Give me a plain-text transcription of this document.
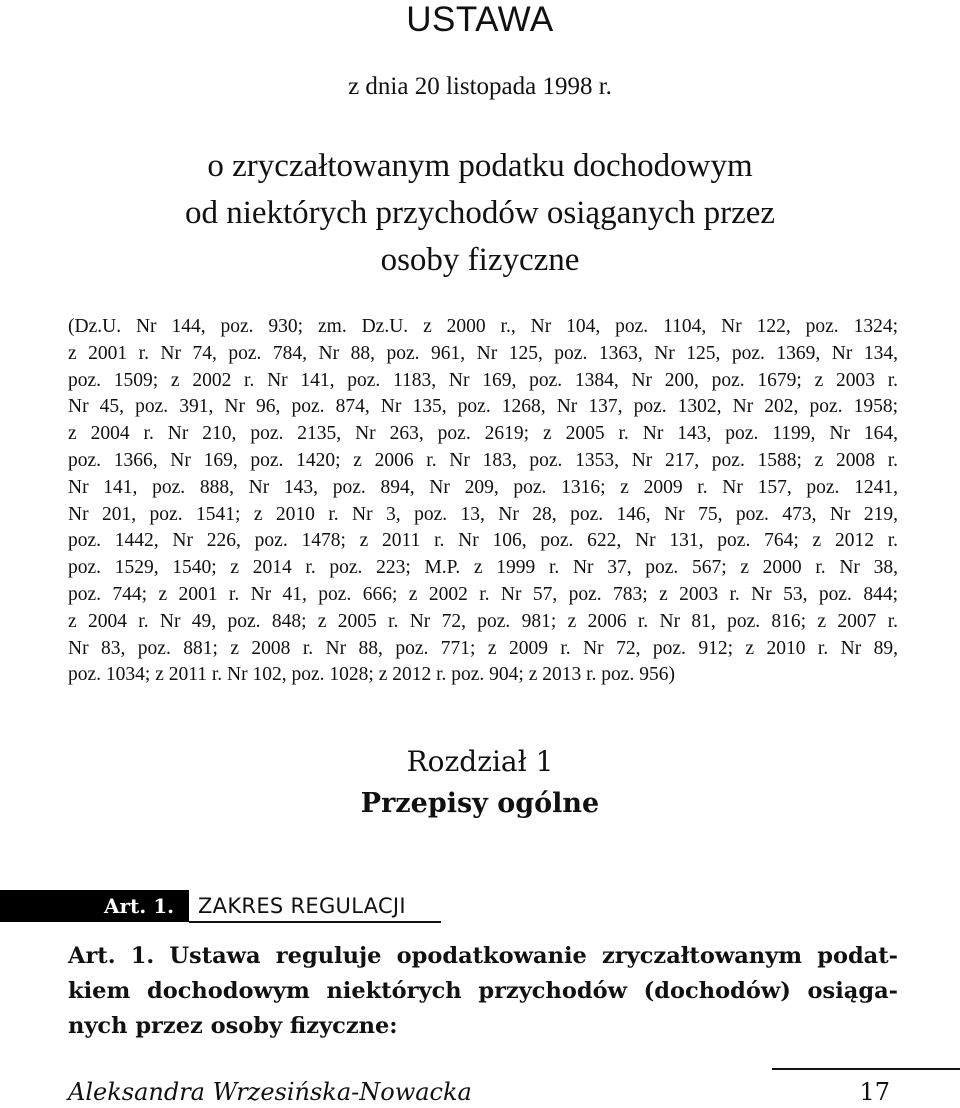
USTAWA
z dnia 20 listopada 1998 r.
o zryczałtowanym podatku dochodowym
od niektórych przychodów osiąganych przez
osoby fizyczne
(Dz.U. Nr 144, poz. 930; zm. Dz.U. z 2000 r., Nr 104, poz. 1104, Nr 122, poz. 1324;
z 2001 r. Nr 74, poz. 784, Nr 88, poz. 961, Nr 125, poz. 1363, Nr 125, poz. 1369, Nr 134,
poz. 1509; z 2002 r. Nr 141, poz. 1183, Nr 169, poz. 1384, Nr 200, poz. 1679; z 2003 r.
Nr 45, poz. 391, Nr 96, poz. 874, Nr 135, poz. 1268, Nr 137, poz. 1302, Nr 202, poz. 1958;
z 2004 r. Nr 210, poz. 2135, Nr 263, poz. 2619; z 2005 r. Nr 143, poz. 1199, Nr 164,
poz. 1366, Nr 169, poz. 1420; z 2006 r. Nr 183, poz. 1353, Nr 217, poz. 1588; z 2008 r.
Nr 141, poz. 888, Nr 143, poz. 894, Nr 209, poz. 1316; z 2009 r. Nr 157, poz. 1241,
Nr 201, poz. 1541; z 2010 r. Nr 3, poz. 13, Nr 28, poz. 146, Nr 75, poz. 473, Nr 219,
poz. 1442, Nr 226, poz. 1478; z 2011 r. Nr 106, poz. 622, Nr 131, poz. 764; z 2012 r.
poz. 1529, 1540; z 2014 r. poz. 223; M.P. z 1999 r. Nr 37, poz. 567; z 2000 r. Nr 38,
poz. 744; z 2001 r. Nr 41, poz. 666; z 2002 r. Nr 57, poz. 783; z 2003 r. Nr 53, poz. 844;
z 2004 r. Nr 49, poz. 848; z 2005 r. Nr 72, poz. 981; z 2006 r. Nr 81, poz. 816; z 2007 r.
Nr 83, poz. 881; z 2008 r. Nr 88, poz. 771; z 2009 r. Nr 72, poz. 912; z 2010 r. Nr 89,
poz. 1034; z 2011 r. Nr 102, poz. 1028; z 2012 r. poz. 904; z 2013 r. poz. 956)
Rozdział 1
Przepisy ogólne
Art. 1. ZAKRES REGULACJI
Art. 1. Ustawa reguluje opodatkowanie zryczałtowanym podat-
kiem dochodowym niektórych przychodów (dochodów) osiąga-
nych przez osoby fizyczne:
Aleksandra Wrzesińska-Nowacka	17
